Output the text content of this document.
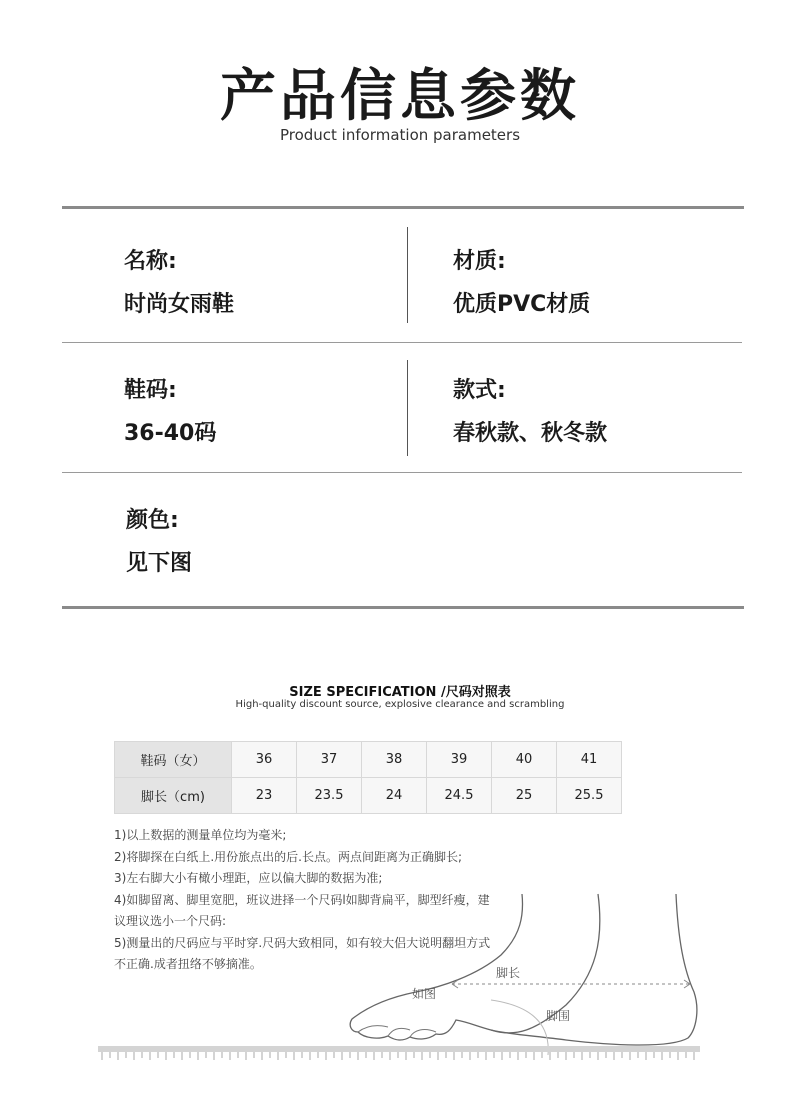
产品信息参数
Product information parameters
名称:
时尚女雨鞋
材质:
优质PVC材质
鞋码:
36-40码
款式:
春秋款、秋冬款
颜色:
见下图
SIZE SPECIFICATION /尺码对照表
High-quality discount source, explosive clearance and scrambling
鞋码（女）	36	37	38	39	40	41
脚长（cm)	23	23.5	24	24.5	25	25.5
1)以上数据的测量单位均为毫米;
2)将脚探在白纸上.用份旅点出的后.长点。两点间距离为正确脚长;
3)左右脚大小有橄小理距，应以偏大脚的数据为准;
4)如脚留离、脚里宽肥，班议进择一个尺码l如脚背扁平，脚型纤瘦，建
议理议选小一个尺码:
5)测量出的尺码应与平时穿.尺码大致相同，如有较大侣大说明翻坦方式
不正确.成者扭络不够摘准。
脚长
如图
脚围
